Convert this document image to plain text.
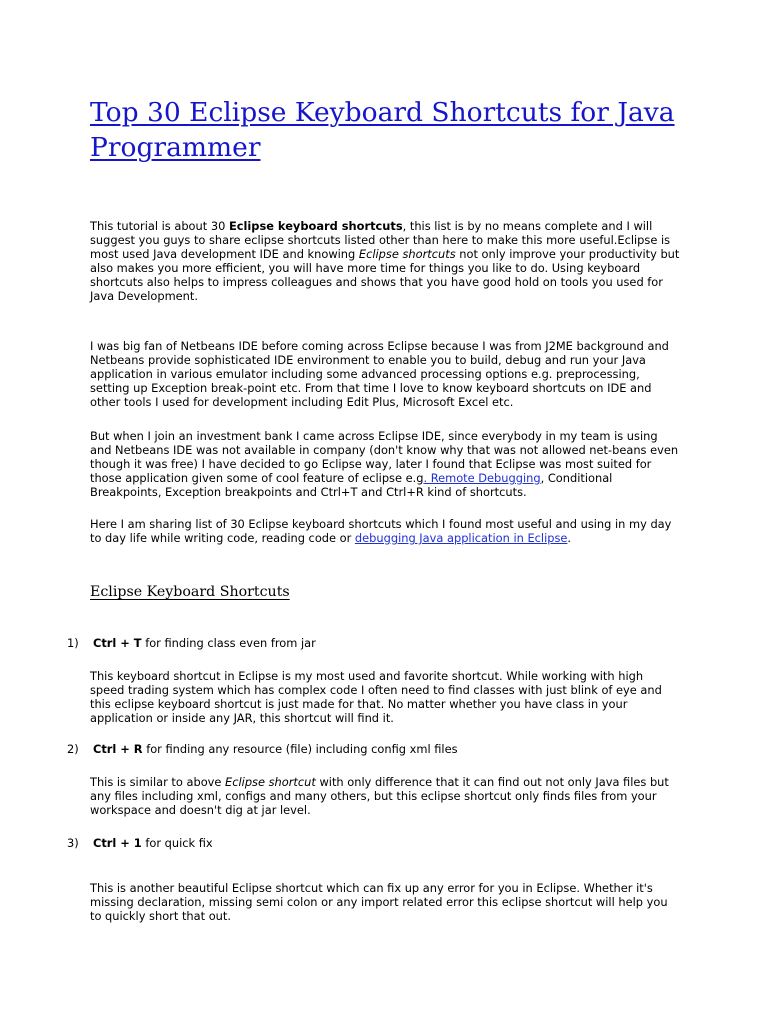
Top 30 Eclipse Keyboard Shortcuts for Java Programmer

This tutorial is about 30 Eclipse keyboard shortcuts, this list is by no means complete and I will suggest you guys to share eclipse shortcuts listed other than here to make this more useful.Eclipse is most used Java development IDE and knowing Eclipse shortcuts not only improve your productivity but also makes you more efficient, you will have more time for things you like to do. Using keyboard shortcuts also helps to impress colleagues and shows that you have good hold on tools you used for Java Development.

I was big fan of Netbeans IDE before coming across Eclipse because I was from J2ME background and Netbeans provide sophisticated IDE environment to enable you to build, debug and run your Java application in various emulator including some advanced processing options e.g. preprocessing, setting up Exception break-point etc. From that time I love to know keyboard shortcuts on IDE and other tools I used for development including Edit Plus, Microsoft Excel etc.

But when I join an investment bank I came across Eclipse IDE, since everybody in my team is using and Netbeans IDE was not available in company (don't know why that was not allowed net-beans even though it was free) I have decided to go Eclipse way, later I found that Eclipse was most suited for those application given some of cool feature of eclipse e.g. Remote Debugging, Conditional Breakpoints, Exception breakpoints and Ctrl+T and Ctrl+R kind of shortcuts.

Here I am sharing list of 30 Eclipse keyboard shortcuts which I found most useful and using in my day to day life while writing code, reading code or debugging Java application in Eclipse.

Eclipse Keyboard Shortcuts
1) Ctrl + T for finding class even from jar

This keyboard shortcut in Eclipse is my most used and favorite shortcut. While working with high speed trading system which has complex code I often need to find classes with just blink of eye and this eclipse keyboard shortcut is just made for that. No matter whether you have class in your application or inside any JAR, this shortcut will find it.

2) Ctrl + R for finding any resource (file) including config xml files

This is similar to above Eclipse shortcut with only difference that it can find out not only Java files but any files including xml, configs and many others, but this eclipse shortcut only finds files from your workspace and doesn't dig at jar level.

3) Ctrl + 1 for quick fix

This is another beautiful Eclipse shortcut which can fix up any error for you in Eclipse. Whether it's missing declaration, missing semi colon or any import related error this eclipse shortcut will help you to quickly short that out.
